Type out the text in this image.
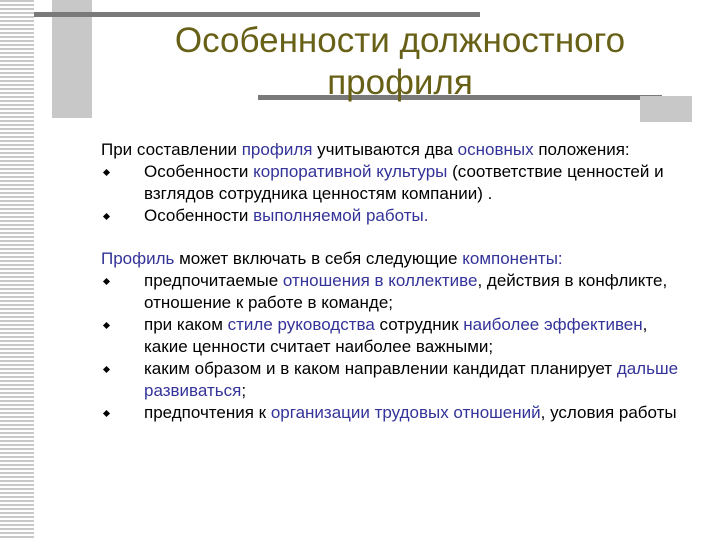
Особенности должностного
профиля

При составлении профиля учитываются два основных положения:

Особенности корпоративной культуры (соответствие ценностей и взглядов сотрудника ценностям компании) .

Особенности выполняемой работы.

Профиль может включать в себя следующие компоненты:

предпочитаемые отношения в коллективе, действия в конфликте, отношение к работе в команде;

при каком стиле руководства сотрудник наиболее эффективен, какие ценности считает наиболее важными;

каким образом и в каком направлении кандидат планирует дальше развиваться;

предпочтения к организации трудовых отношений, условия работы
